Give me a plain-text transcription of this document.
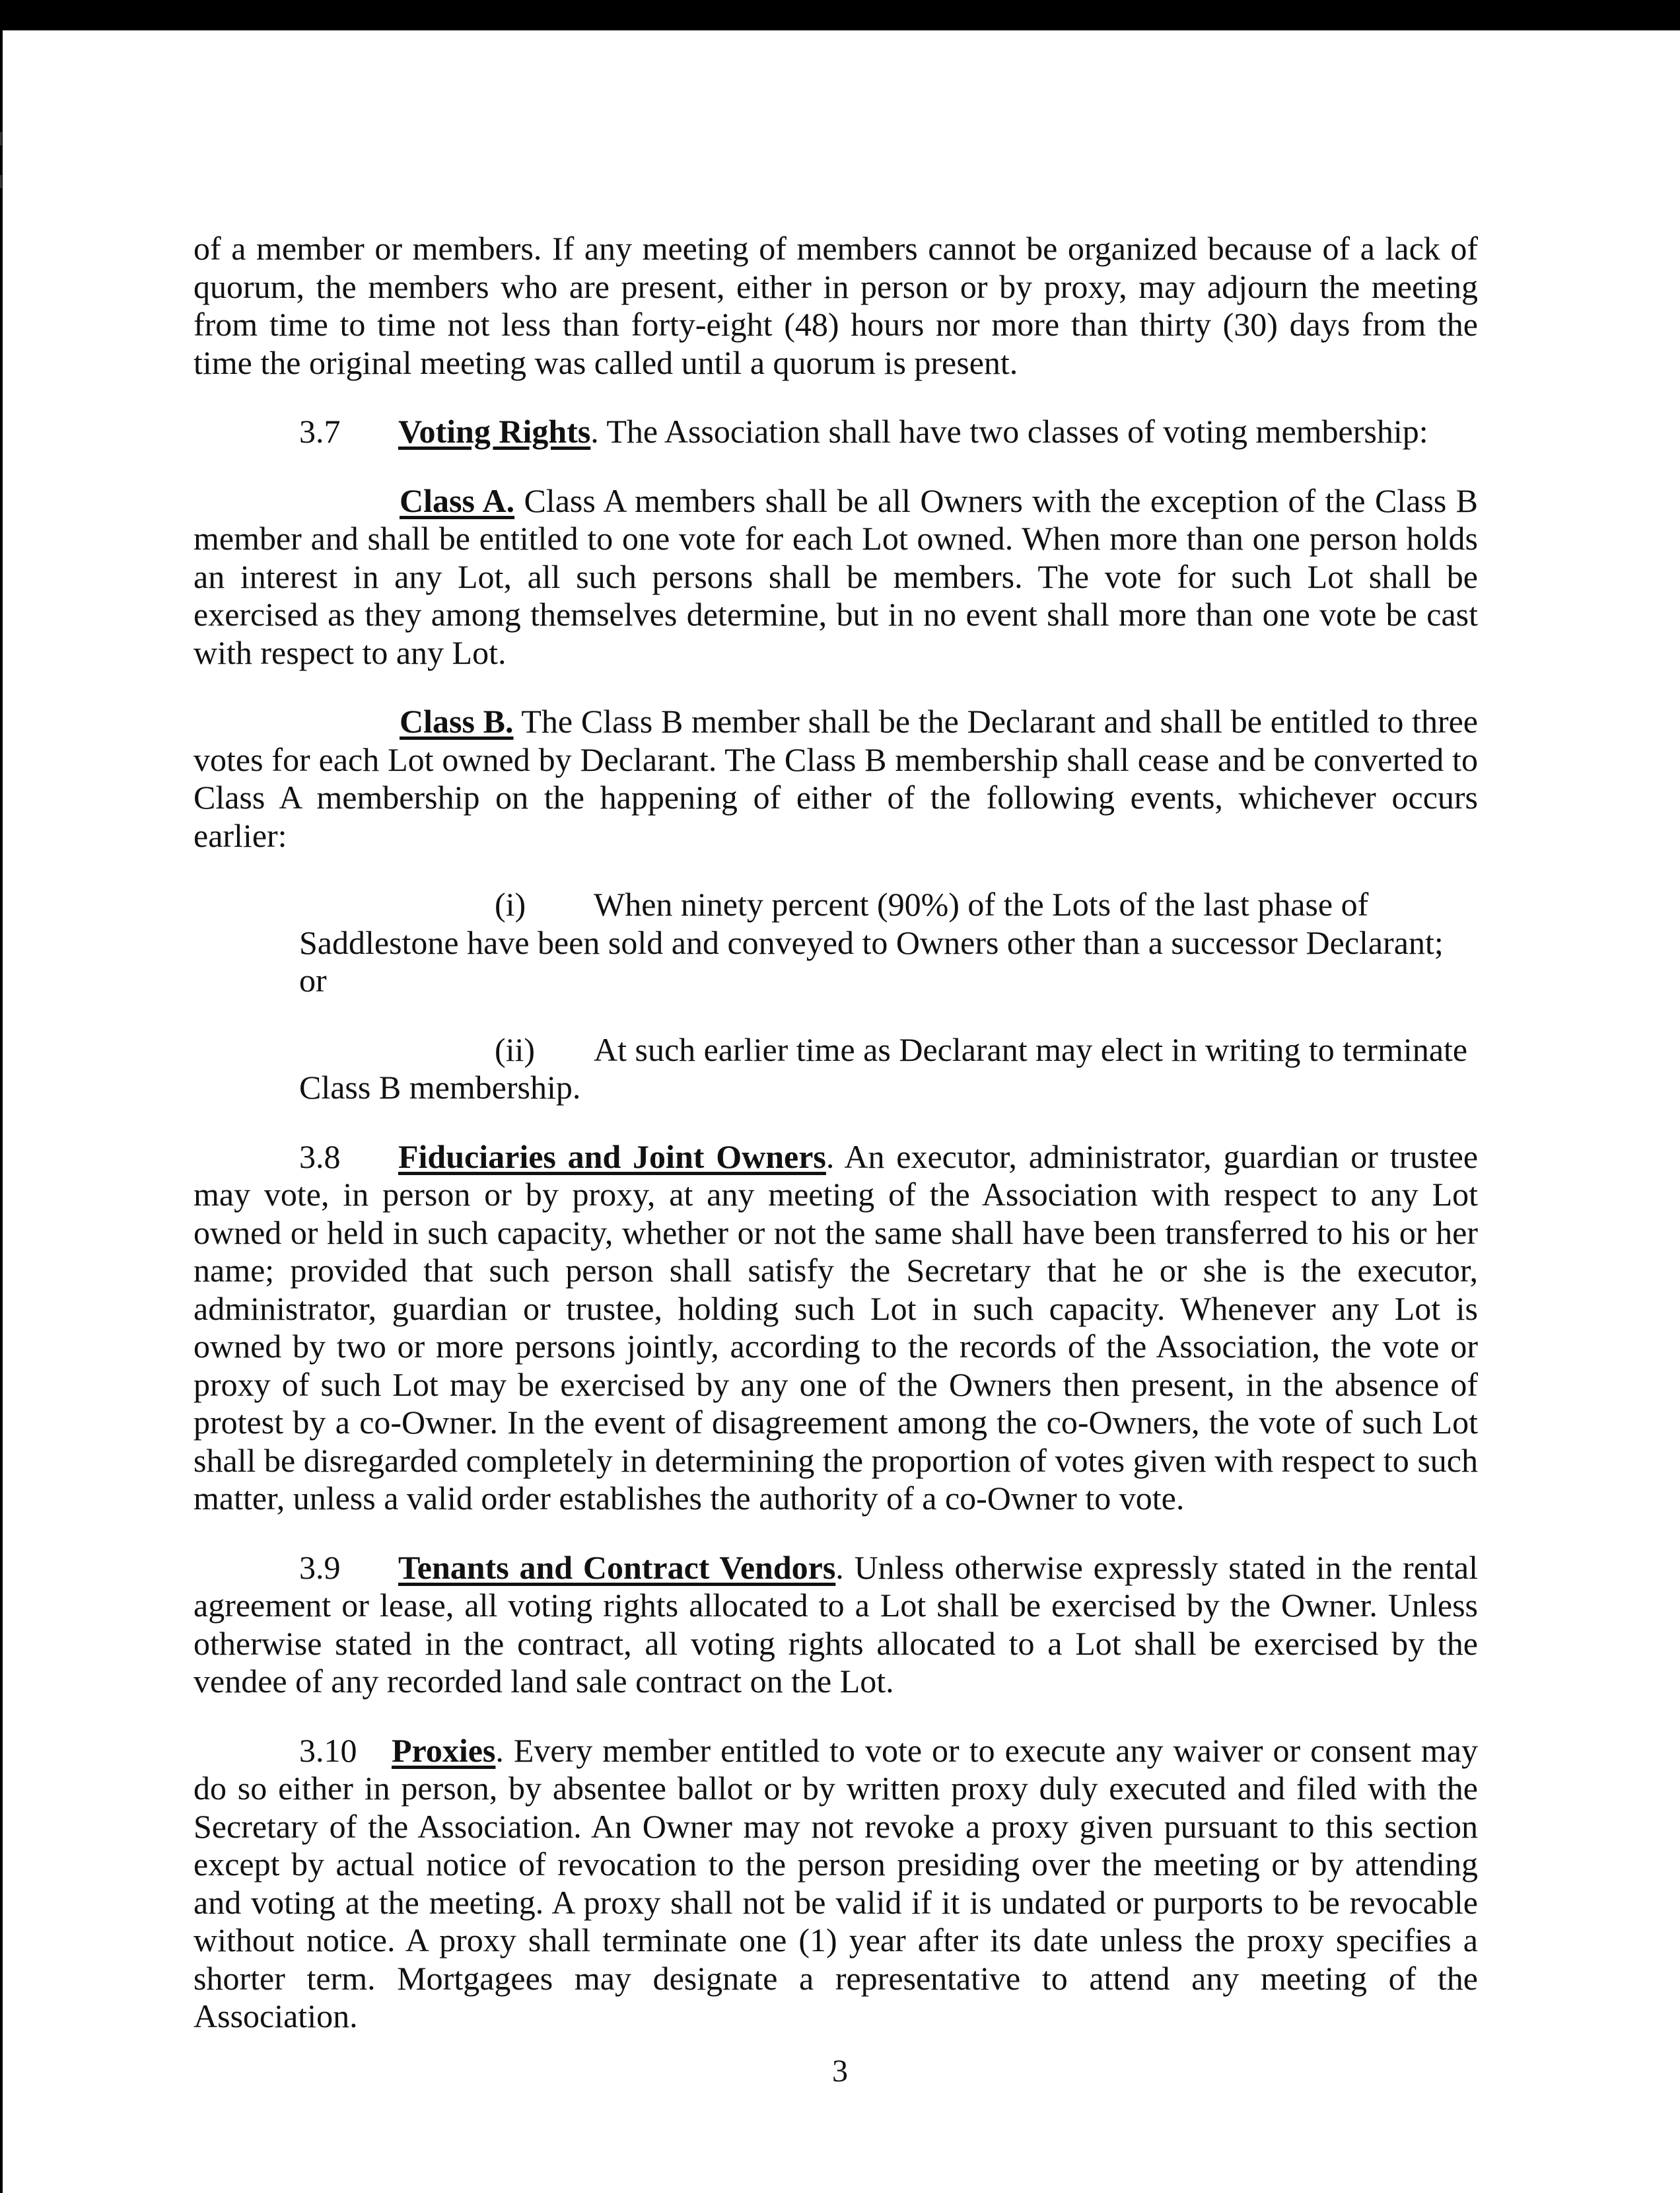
of a member or members. If any meeting of members cannot be organized because of a lack of quorum, the members who are present, either in person or by proxy, may adjourn the meeting from time to time not less than forty-eight (48) hours nor more than thirty (30) days from the time the original meeting was called until a quorum is present.

3.7 Voting Rights. The Association shall have two classes of voting membership:

Class A. Class A members shall be all Owners with the exception of the Class B member and shall be entitled to one vote for each Lot owned. When more than one person holds an interest in any Lot, all such persons shall be members. The vote for such Lot shall be exercised as they among themselves determine, but in no event shall more than one vote be cast with respect to any Lot.

Class B. The Class B member shall be the Declarant and shall be entitled to three votes for each Lot owned by Declarant. The Class B membership shall cease and be converted to Class A membership on the happening of either of the following events, whichever occurs earlier:

(i) When ninety percent (90%) of the Lots of the last phase of
Saddlestone have been sold and conveyed to Owners other than a successor Declarant; or

(ii) At such earlier time as Declarant may elect in writing to terminate
Class B membership.

3.8 Fiduciaries and Joint Owners. An executor, administrator, guardian or trustee may vote, in person or by proxy, at any meeting of the Association with respect to any Lot owned or held in such capacity, whether or not the same shall have been transferred to his or her name; provided that such person shall satisfy the Secretary that he or she is the executor, administrator, guardian or trustee, holding such Lot in such capacity. Whenever any Lot is owned by two or more persons jointly, according to the records of the Association, the vote or proxy of such Lot may be exercised by any one of the Owners then present, in the absence of protest by a co-Owner. In the event of disagreement among the co-Owners, the vote of such Lot shall be disregarded completely in determining the proportion of votes given with respect to such matter, unless a valid order establishes the authority of a co-Owner to vote.

3.9 Tenants and Contract Vendors. Unless otherwise expressly stated in the rental agreement or lease, all voting rights allocated to a Lot shall be exercised by the Owner. Unless otherwise stated in the contract, all voting rights allocated to a Lot shall be exercised by the vendee of any recorded land sale contract on the Lot.

3.10 Proxies. Every member entitled to vote or to execute any waiver or consent may do so either in person, by absentee ballot or by written proxy duly executed and filed with the Secretary of the Association. An Owner may not revoke a proxy given pursuant to this section except by actual notice of revocation to the person presiding over the meeting or by attending and voting at the meeting. A proxy shall not be valid if it is undated or purports to be revocable without notice. A proxy shall terminate one (1) year after its date unless the proxy specifies a shorter term. Mortgagees may designate a representative to attend any meeting of the Association.

3
